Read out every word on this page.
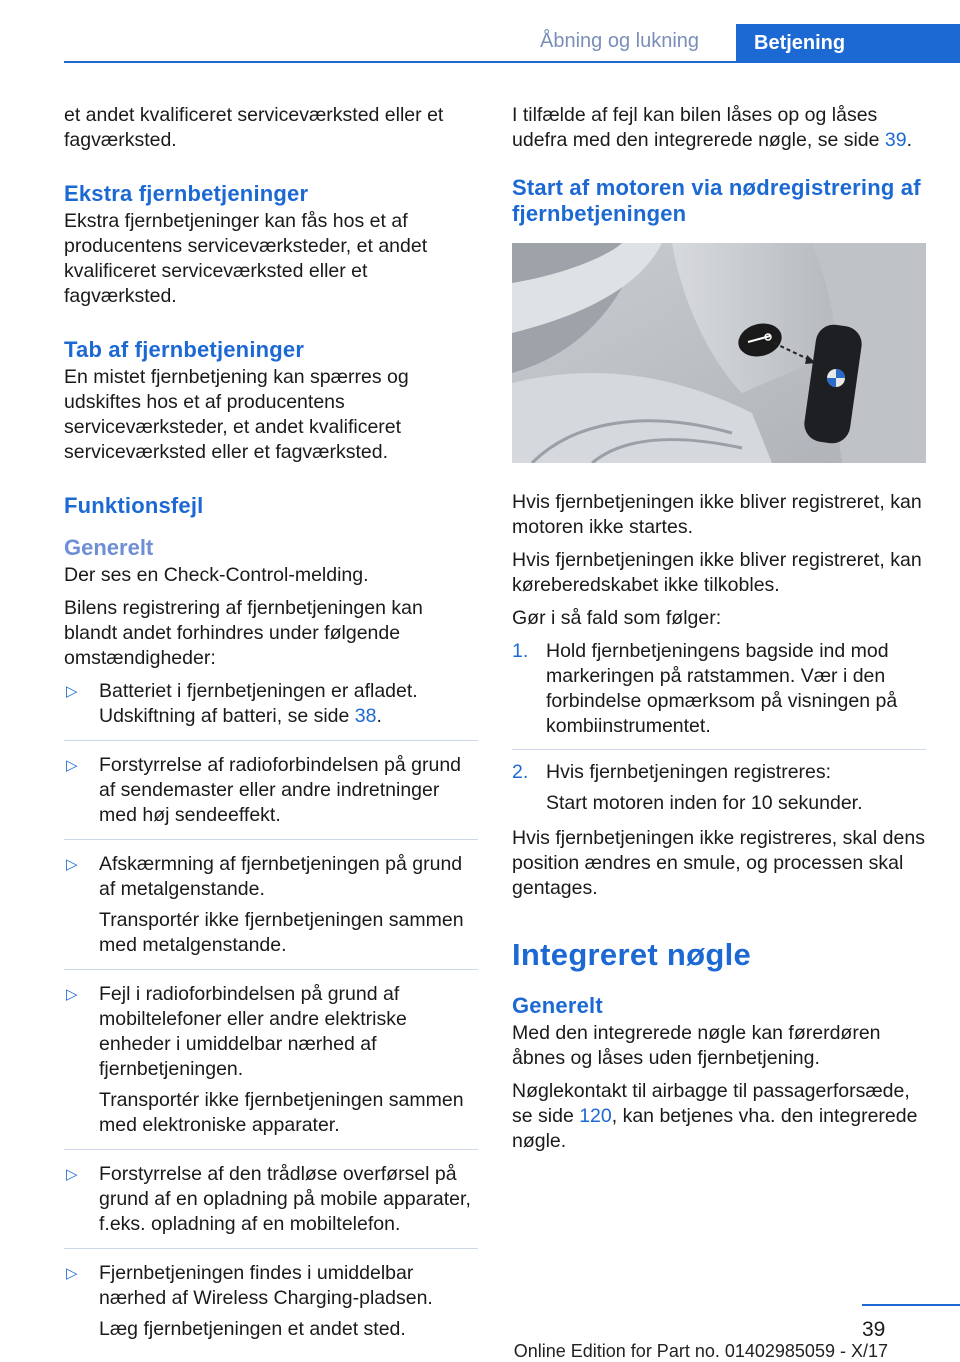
Åbning og lukning	Betjening

et andet kvalificeret serviceværksted eller et fagværksted.

Ekstra fjernbetjeninger

Ekstra fjernbetjeninger kan fås hos et af producentens serviceværksteder, et andet kvalificeret serviceværksted eller et fagværksted.

Tab af fjernbetjeninger

En mistet fjernbetjening kan spærres og udskiftes hos et af producentens serviceværksteder, et andet kvalificeret serviceværksted eller et fagværksted.

Funktionsfejl
Generelt

Der ses en Check-Control-melding.

Bilens registrering af fjernbetjeningen kan blandt andet forhindres under følgende omstændigheder:

▷ Batteriet i fjernbetjeningen er afladet. Udskiftning af batteri, se side 38.
▷ Forstyrrelse af radioforbindelsen på grund af sendemaster eller andre indretninger med høj sendeeffekt.
▷ Afskærmning af fjernbetjeningen på grund af metalgenstande.
Transportér ikke fjernbetjeningen sammen med metalgenstande.
▷ Fejl i radioforbindelsen på grund af mobiltelefoner eller andre elektriske enheder i umiddelbar nærhed af fjernbetjeningen.
Transportér ikke fjernbetjeningen sammen med elektroniske apparater.
▷ Forstyrrelse af den trådløse overførsel på grund af en opladning på mobile apparater, f.eks. opladning af en mobiltelefon.
▷ Fjernbetjeningen findes i umiddelbar nærhed af Wireless Charging-pladsen.
Læg fjernbetjeningen et andet sted.

I tilfælde af fejl kan bilen låses op og låses udefra med den integrerede nøgle, se side 39.

Start af motoren via nødregistrering af fjernbetjeningen

Hvis fjernbetjeningen ikke bliver registreret, kan motoren ikke startes.

Hvis fjernbetjeningen ikke bliver registreret, kan køreberedskabet ikke tilkobles.

Gør i så fald som følger:

1. Hold fjernbetjeningens bagside ind mod markeringen på ratstammen. Vær i den forbindelse opmærksom på visningen på kombiinstrumentet.
2. Hvis fjernbetjeningen registreres:
Start motoren inden for 10 sekunder.

Hvis fjernbetjeningen ikke registreres, skal dens position ændres en smule, og processen skal gentages.

Integreret nøgle
Generelt

Med den integrerede nøgle kan førerdøren åbnes og låses uden fjernbetjening.

Nøglekontakt til airbagge til passagerforsæde, se side 120, kan betjenes vha. den integrerede nøgle.

39
Online Edition for Part no. 01402985059 - X/17
